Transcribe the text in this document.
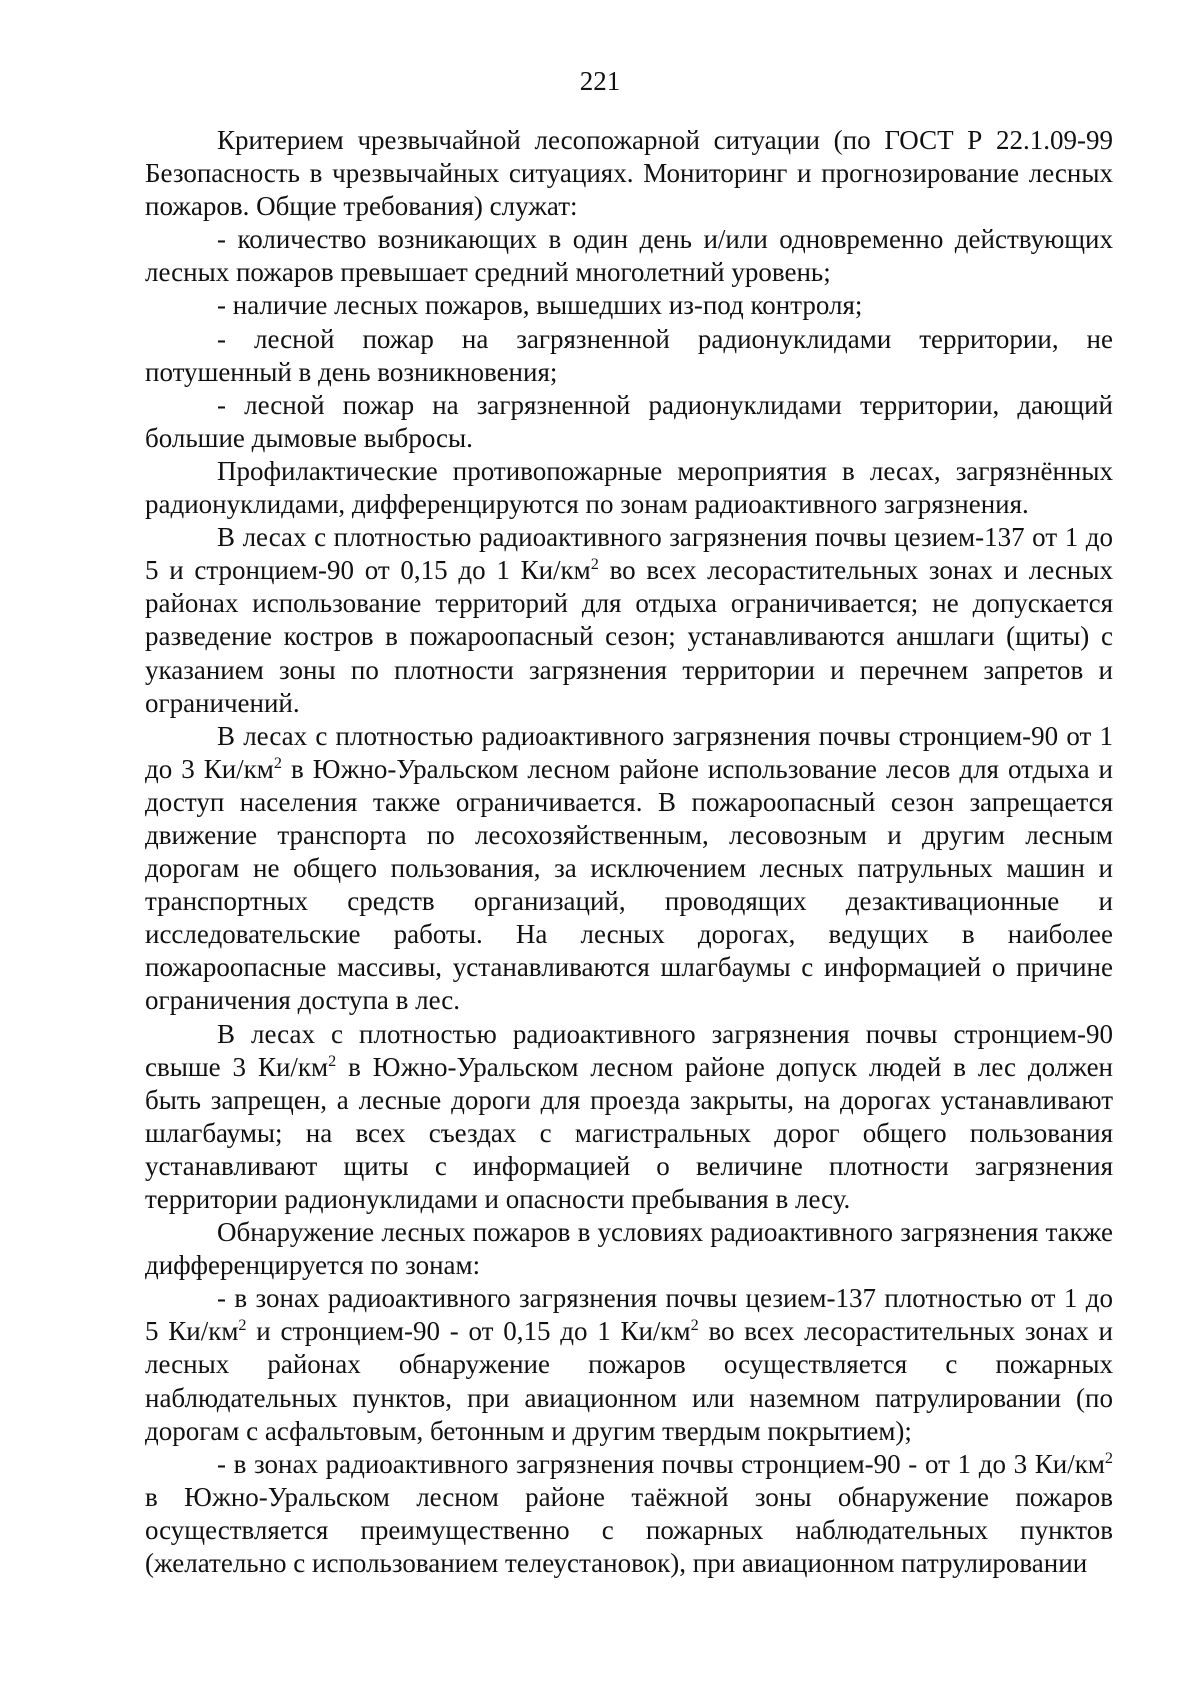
221

Критерием чрезвычайной лесопожарной ситуации (по ГОСТ Р 22.1.09-99 Безопасность в чрезвычайных ситуациях. Мониторинг и прогнозирование лесных пожаров. Общие требования) служат:

- количество возникающих в один день и/или одновременно действующих лесных пожаров превышает средний многолетний уровень;

- наличие лесных пожаров, вышедших из-под контроля;

- лесной пожар на загрязненной радионуклидами территории, не потушенный в день возникновения;

- лесной пожар на загрязненной радионуклидами территории, дающий большие дымовые выбросы.

Профилактические противопожарные мероприятия в лесах, загрязнённых радионуклидами, дифференцируются по зонам радиоактивного загрязнения.

В лесах с плотностью радиоактивного загрязнения почвы цезием-137 от 1 до 5 и стронцием-90 от 0,15 до 1 $Ки/км^2$ во всех лесорастительных зонах и лесных районах использование территорий для отдыха ограничивается; не допускается разведение костров в пожароопасный сезон; устанавливаются аншлаги (щиты) с указанием зоны по плотности загрязнения территории и перечнем запретов и ограничений.

В лесах с плотностью радиоактивного загрязнения почвы стронцием-90 от 1 до 3 $Ки/км^2$ в Южно-Уральском лесном районе использование лесов для отдыха и доступ населения также ограничивается. В пожароопасный сезон запрещается движение транспорта по лесохозяйственным, лесовозным и другим лесным дорогам не общего пользования, за исключением лесных патрульных машин и транспортных средств организаций, проводящих дезактивационные и исследовательские работы. На лесных дорогах, ведущих в наиболее пожароопасные массивы, устанавливаются шлагбаумы с информацией о причине ограничения доступа в лес.

В лесах с плотностью радиоактивного загрязнения почвы стронцием-90 свыше 3 $Ки/км^2$ в Южно-Уральском лесном районе допуск людей в лес должен быть запрещен, а лесные дороги для проезда закрыты, на дорогах устанавливают шлагбаумы; на всех съездах с магистральных дорог общего пользования устанавливают щиты с информацией о величине плотности загрязнения территории радионуклидами и опасности пребывания в лесу.

Обнаружение лесных пожаров в условиях радиоактивного загрязнения также дифференцируется по зонам:

- в зонах радиоактивного загрязнения почвы цезием-137 плотностью от 1 до 5 $Ки/км^2$ и стронцием-90 - от 0,15 до 1 $Ки/км^2$ во всех лесорастительных зонах и лесных районах обнаружение пожаров осуществляется с пожарных наблюдательных пунктов, при авиационном или наземном патрулировании (по дорогам с асфальтовым, бетонным и другим твердым покрытием);

- в зонах радиоактивного загрязнения почвы стронцием-90 - от 1 до 3 $Ки/км^2$ в Южно-Уральском лесном районе таёжной зоны обнаружение пожаров осуществляется преимущественно с пожарных наблюдательных пунктов (желательно с использованием телеустановок), при авиационном патрулировании
